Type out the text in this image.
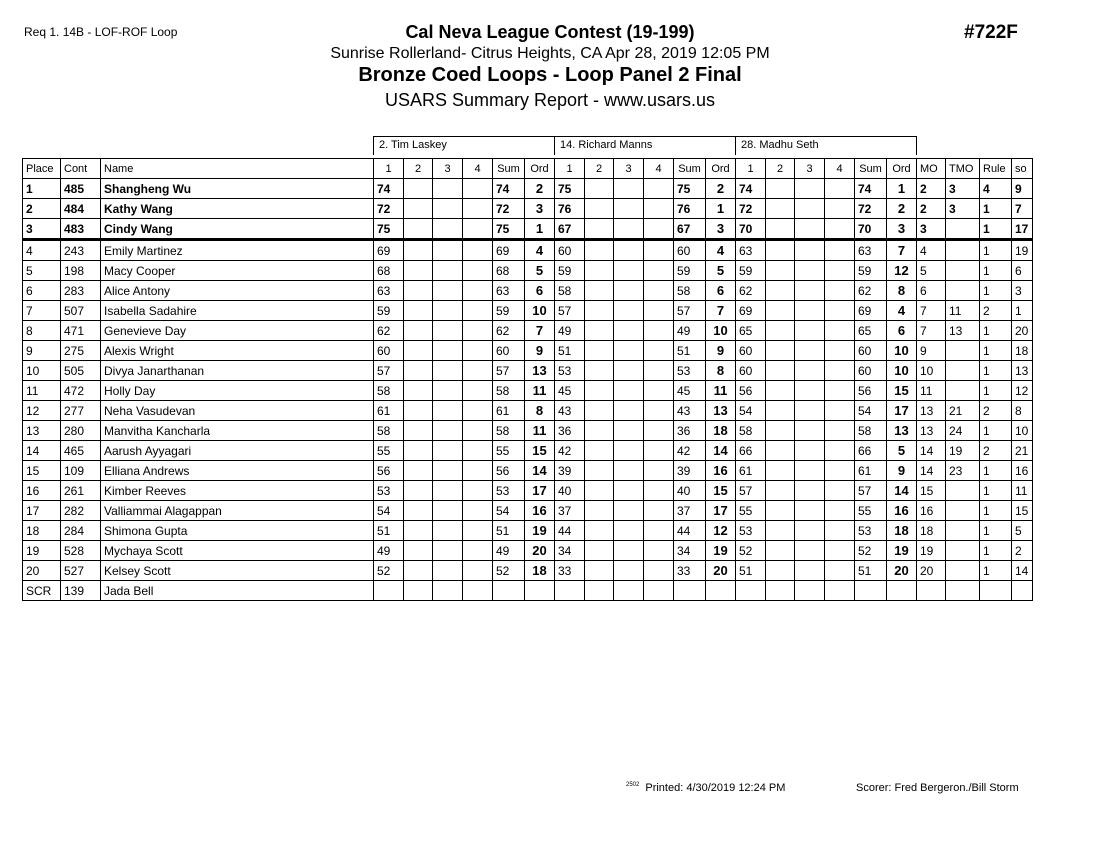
Req 1. 14B - LOF-ROF Loop	#722F
Cal Neva League Contest (19-199)
Sunrise Rollerland- Citrus Heights, CA Apr 28, 2019 12:05 PM
Bronze Coed Loops - Loop Panel 2 Final
USARS Summary Report - www.usars.us
2. Tim Laskey	14. Richard Manns	28. Madhu Seth
Place	Cont	Name	1	2	3	4	Sum	Ord	1	2	3	4	Sum	Ord	1	2	3	4	Sum	Ord	MO	TMO	Rule	so
1	485	Shangheng Wu	74				74	2	75				75	2	74				74	1	2	3	4	9
2	484	Kathy Wang	72				72	3	76				76	1	72				72	2	2	3	1	7
3	483	Cindy Wang	75				75	1	67				67	3	70				70	3	3		1	17
4	243	Emily Martinez	69				69	4	60				60	4	63				63	7	4		1	19
5	198	Macy Cooper	68				68	5	59				59	5	59				59	12	5		1	6
6	283	Alice Antony	63				63	6	58				58	6	62				62	8	6		1	3
7	507	Isabella Sadahire	59				59	10	57				57	7	69				69	4	7	11	2	1
8	471	Genevieve Day	62				62	7	49				49	10	65				65	6	7	13	1	20
9	275	Alexis Wright	60				60	9	51				51	9	60				60	10	9		1	18
10	505	Divya Janarthanan	57				57	13	53				53	8	60				60	10	10		1	13
11	472	Holly Day	58				58	11	45				45	11	56				56	15	11		1	12
12	277	Neha Vasudevan	61				61	8	43				43	13	54				54	17	13	21	2	8
13	280	Manvitha Kancharla	58				58	11	36				36	18	58				58	13	13	24	1	10
14	465	Aarush Ayyagari	55				55	15	42				42	14	66				66	5	14	19	2	21
15	109	Elliana Andrews	56				56	14	39				39	16	61				61	9	14	23	1	16
16	261	Kimber Reeves	53				53	17	40				40	15	57				57	14	15		1	11
17	282	Valliammai Alagappan	54				54	16	37				37	17	55				55	16	16		1	15
18	284	Shimona Gupta	51				51	19	44				44	12	53				53	18	18		1	5
19	528	Mychaya Scott	49				49	20	34				34	19	52				52	19	19		1	2
20	527	Kelsey Scott	52				52	18	33				33	20	51				51	20	20		1	14
SCR	139	Jada Bell																						
$^{2502}$ Printed: 4/30/2019 12:24 PM	Scorer: Fred Bergeron./Bill Storm
